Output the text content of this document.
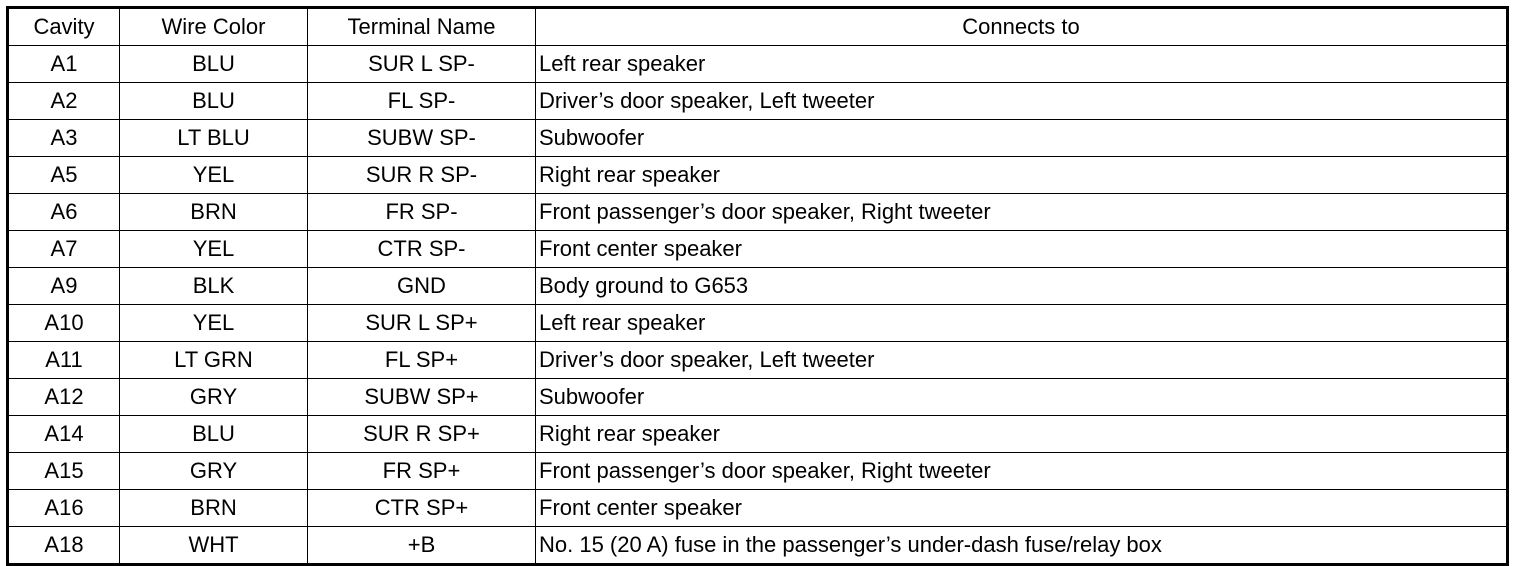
Cavity	Wire Color	Terminal Name	Connects to
A1	BLU	SUR L SP-	Left rear speaker
A2	BLU	FL SP-	Driver’s door speaker, Left tweeter
A3	LT BLU	SUBW SP-	Subwoofer
A5	YEL	SUR R SP-	Right rear speaker
A6	BRN	FR SP-	Front passenger’s door speaker, Right tweeter
A7	YEL	CTR SP-	Front center speaker
A9	BLK	GND	Body ground to G653
A10	YEL	SUR L SP+	Left rear speaker
A11	LT GRN	FL SP+	Driver’s door speaker, Left tweeter
A12	GRY	SUBW SP+	Subwoofer
A14	BLU	SUR R SP+	Right rear speaker
A15	GRY	FR SP+	Front passenger’s door speaker, Right tweeter
A16	BRN	CTR SP+	Front center speaker
A18	WHT	+B	No. 15 (20 A) fuse in the passenger’s under-dash fuse/relay box
